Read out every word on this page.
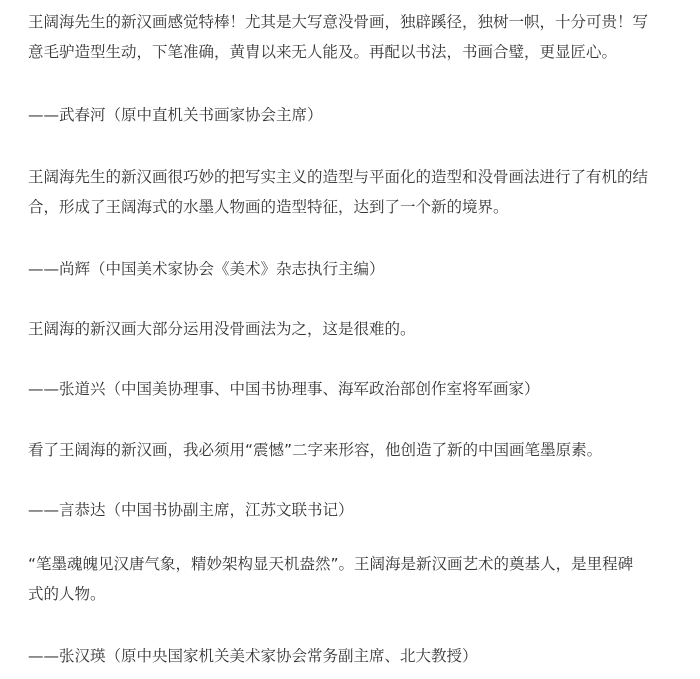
王阔海先生的新汉画感觉特棒！尤其是大写意没骨画，独辟蹊径，独树一帜，十分可贵！写
意毛驴造型生动，下笔准确，黄胄以来无人能及。再配以书法，书画合璧，更显匠心。
——武春河（原中直机关书画家协会主席）
王阔海先生的新汉画很巧妙的把写实主义的造型与平面化的造型和没骨画法进行了有机的结
合，形成了王阔海式的水墨人物画的造型特征，达到了一个新的境界。
——尚辉（中国美术家协会《美术》杂志执行主编）
王阔海的新汉画大部分运用没骨画法为之，这是很难的。
——张道兴（中国美协理事、中国书协理事、海军政治部创作室将军画家）
看了王阔海的新汉画，我必须用“震憾”二字来形容，他创造了新的中国画笔墨原素。
——言恭达（中国书协副主席，江苏文联书记）
“笔墨魂魄见汉唐气象，精妙架构显天机盎然”。王阔海是新汉画艺术的奠基人，是里程碑
式的人物。
——张汉瑛（原中央国家机关美术家协会常务副主席、北大教授）
